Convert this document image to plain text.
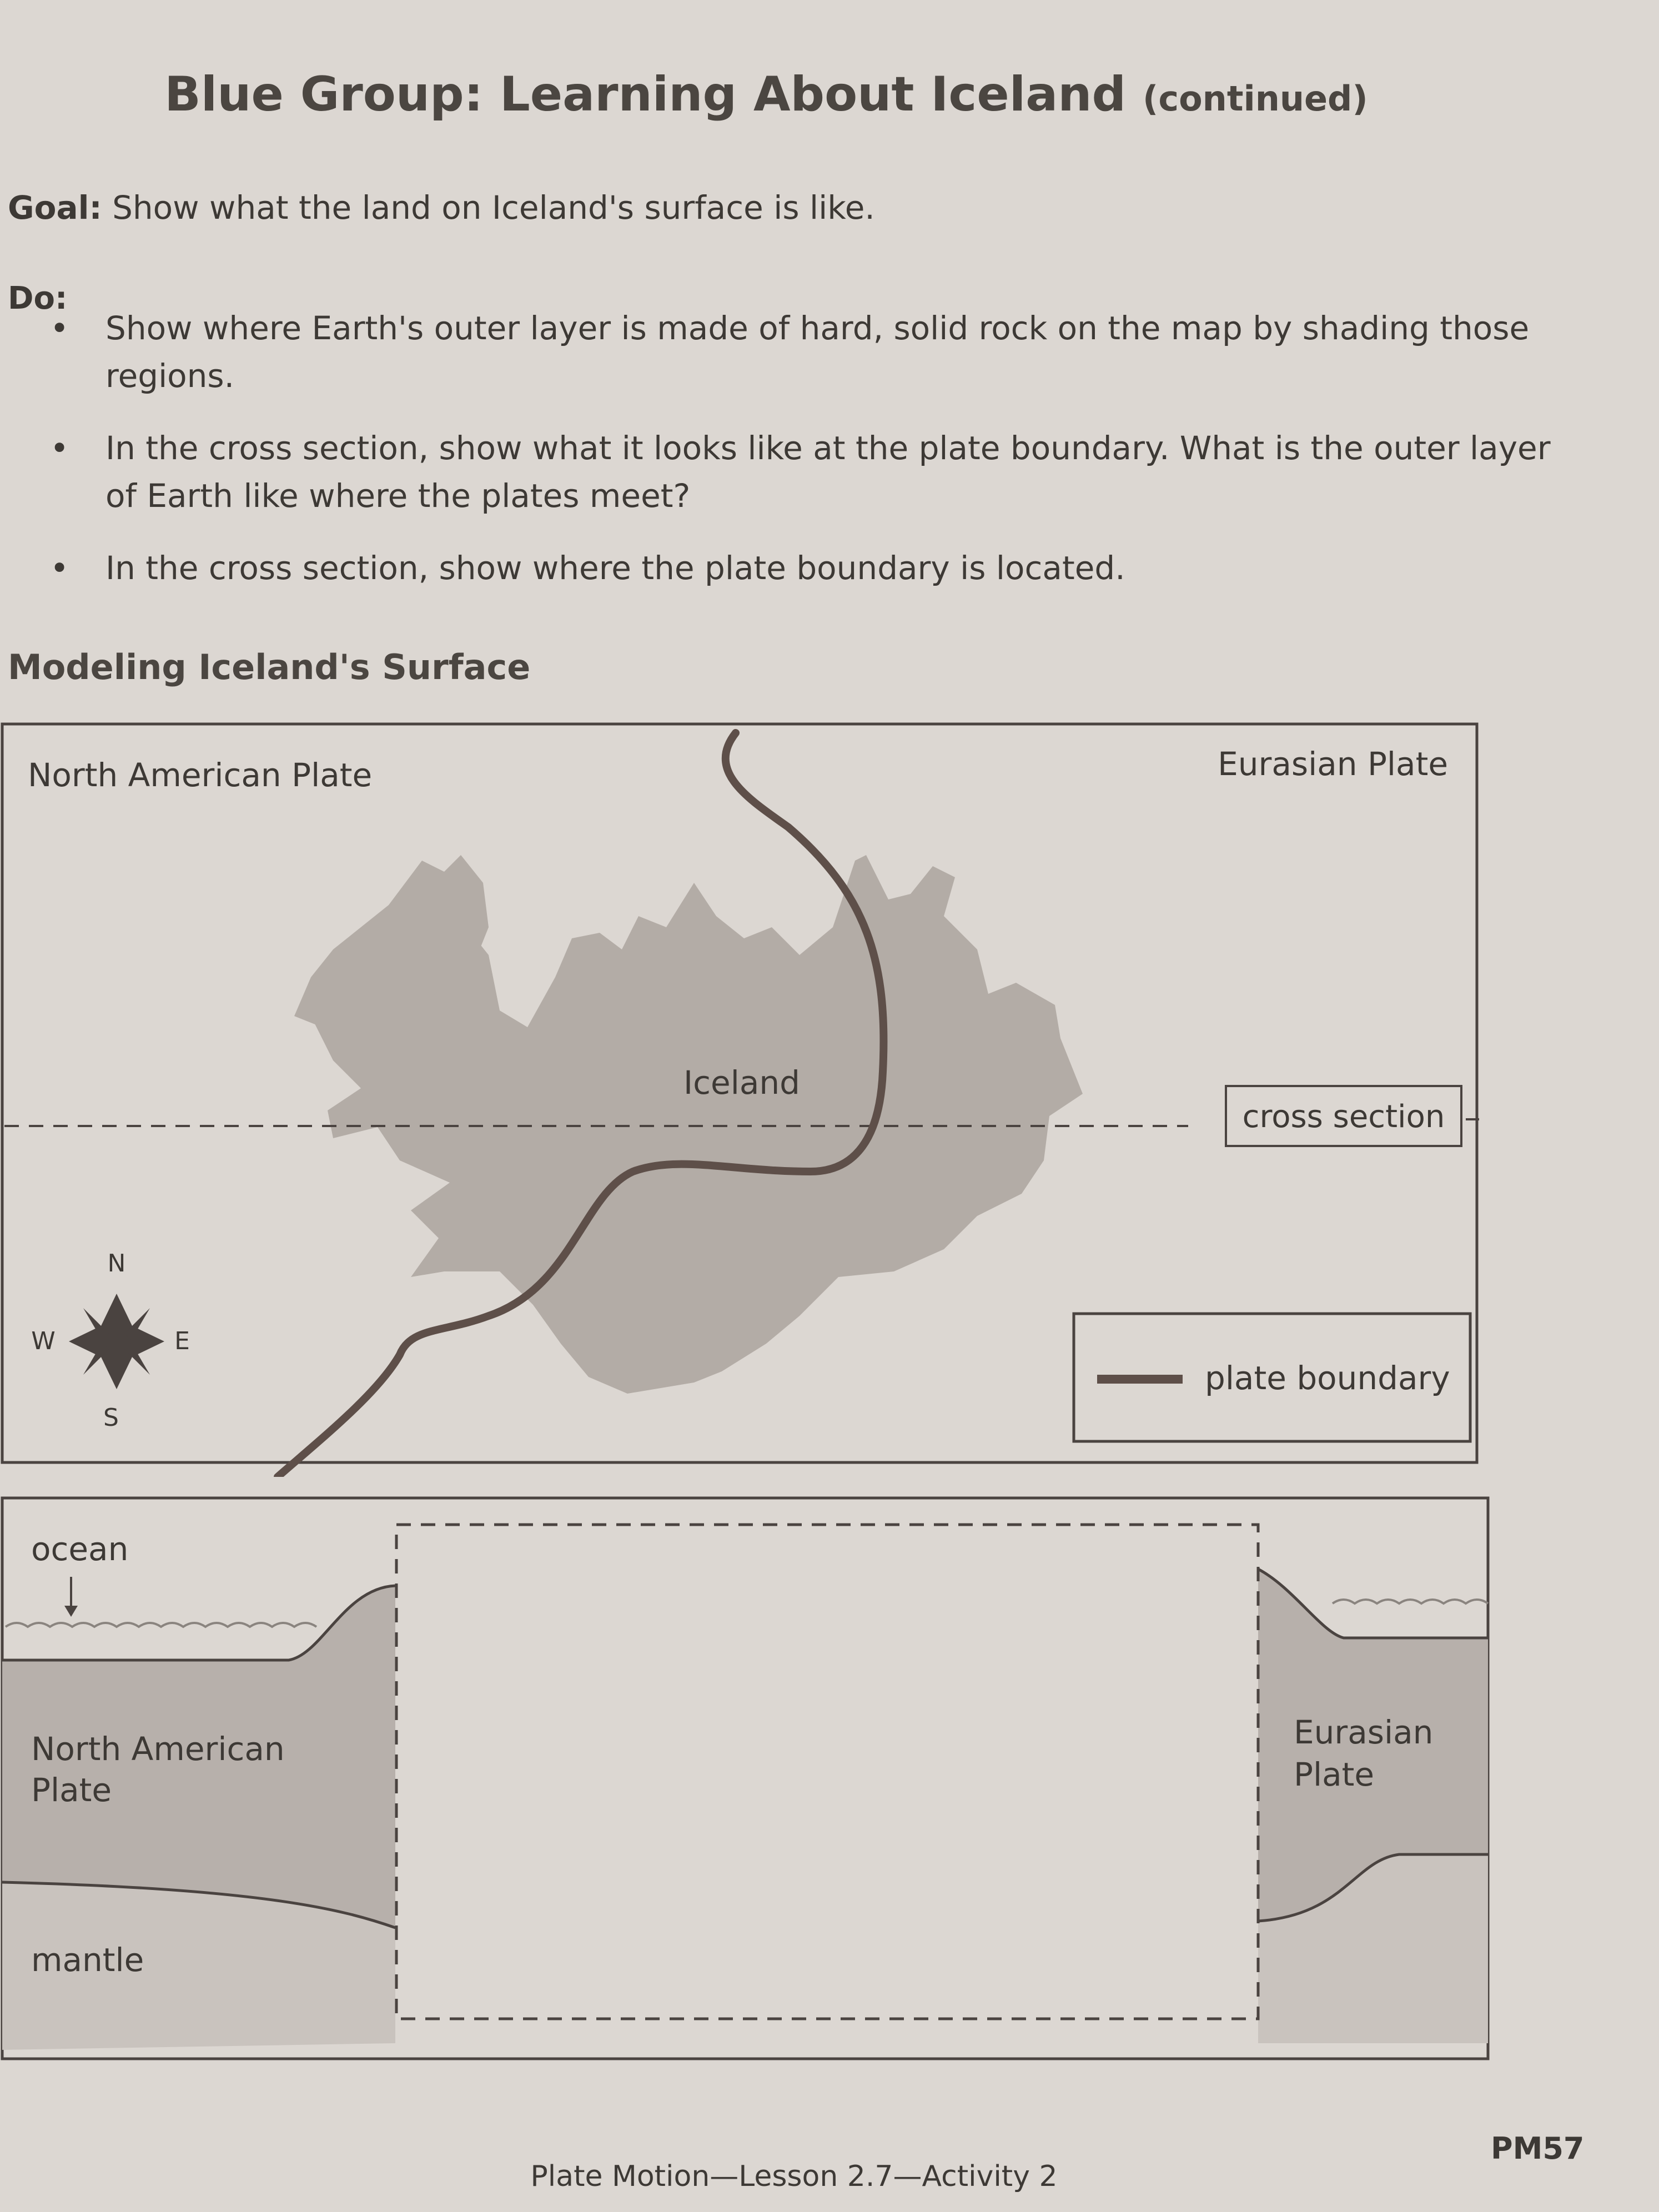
Blue Group: Learning About Iceland (continued)

Goal: Show what the land on Iceland's surface is like.

Do:

• Show where Earth's outer layer is made of hard, solid rock on the map by shading those regions.
• In the cross section, show what it looks like at the plate boundary. What is the outer layer of Earth like where the plates meet?
• In the cross section, show where the plate boundary is located.
Modeling Iceland's Surface
cross section
North American Plate	Eurasian Plate
Iceland
N
S
E
W
plate boundary
ocean
North American
Plate
mantle
Eurasian
Plate

PM57

Plate Motion—Lesson 2.7—Activity 2
